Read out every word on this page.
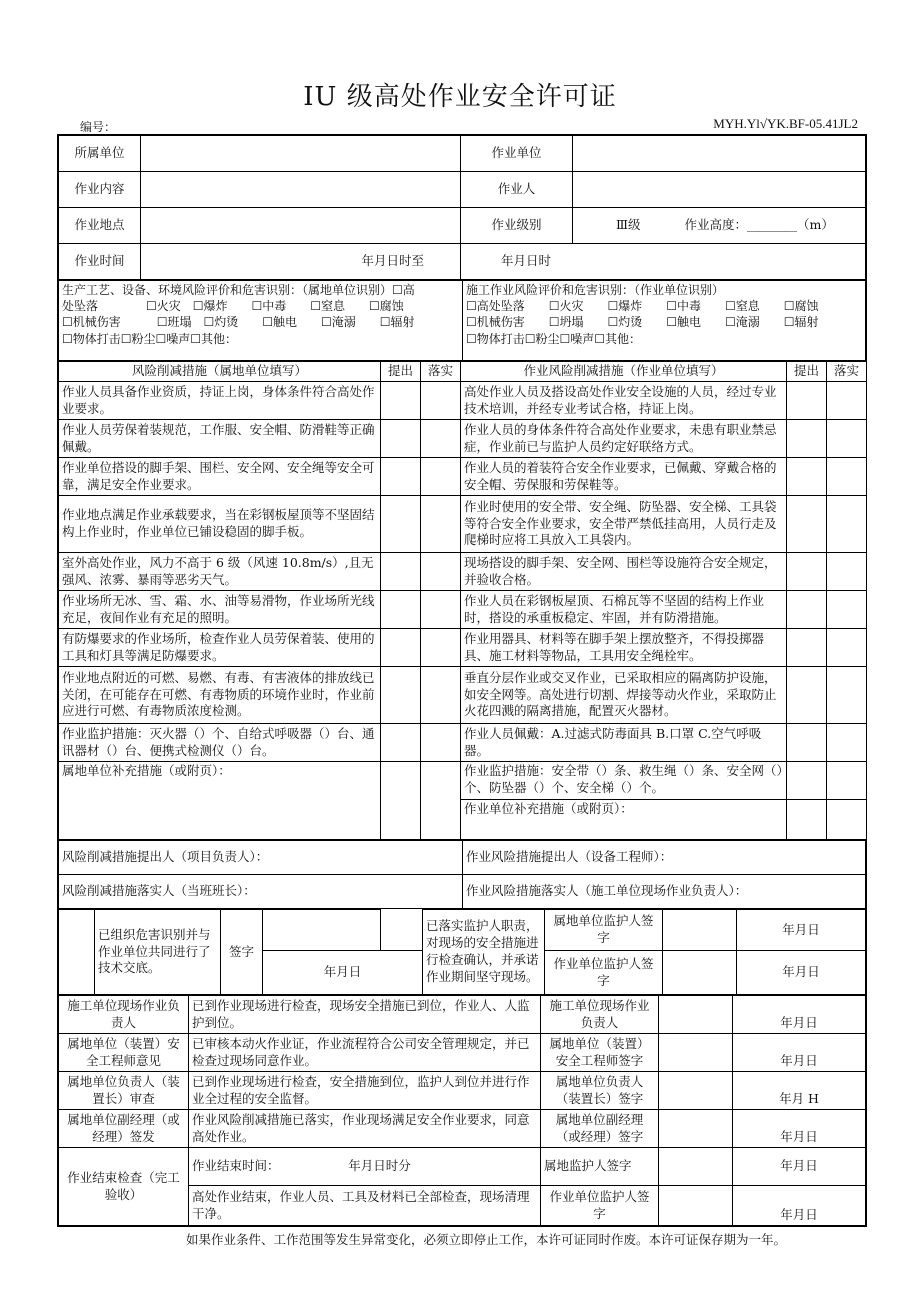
IU 级高处作业安全许可证
编号：	MYH.Yl√YK.BF-05.41JL2
所属单位		作业单位	
作业内容		作业人	
作业地点		作业级别	Ⅲ级 作业高度：________（m）
作业时间	年月日时至	年月日时	
生产工艺、设备、环境风险评价和危害识别：（属地单位识别）☐高
处坠落　　　　☐火灾　☐爆炸　　☐中毒　　☐窒息　　☐腐蚀
☐机械伤害　　　☐班塌　☐灼烫　　☐触电　　☐淹溺　　☐辐射
☐物体打击☐粉尘☐噪声☐其他：

施工作业风险评价和危害识别：（作业单位识别）
☐高处坠落　　☐火灾　　☐爆炸　　☐中毒　　☐窒息　　☐腐蚀
☐机械伤害　　☐坍塌　　☐灼烫　　☐触电　　☐淹溺　　☐辐射
☐物体打击☐粉尘☐噪声☐其他：
风险削减措施（属地单位填写）	提出	落实	作业风险削减措施（作业单位填写）	提出	落实
作业人员具备作业资质，持证上岗，身体条件符合高处作业要求。			高处作业人员及搭设高处作业安全设施的人员，经过专业技术培训，并经专业考试合格，持证上岗。		
作业人员劳保着装规范，工作服、安全帽、防滑鞋等正确佩戴。			作业人员的身体条件符合高处作业要求，未患有职业禁忌症，作业前已与监护人员约定好联络方式。		
作业单位搭设的脚手架、围栏、安全网、安全绳等安全可靠，满足安全作业要求。			作业人员的着装符合安全作业要求，已佩戴、穿戴合格的安全帽、劳保服和劳保鞋等。		
作业地点满足作业承载要求，当在彩钢板屋顶等不坚固结构上作业时，作业单位已铺设稳固的脚手板。			作业时使用的安全带、安全绳、防坠器、安全梯、工具袋等符合安全作业要求，安全带严禁低挂高用，人员行走及爬梯时应将工具放入工具袋内。		
室外高处作业，风力不高于 6 级（风速 10.8m/s）,且无强风、浓雾、暴雨等恶劣天气。			现场搭设的脚手架、安全网、围栏等设施符合安全规定，并验收合格。		
作业场所无冰、雪、霜、水、油等易滑物，作业场所光线充足，夜间作业有充足的照明。			作业人员在彩钢板屋顶、石棉瓦等不坚固的结构上作业时，搭设的承重板稳定、牢固，并有防滑措施。		
有防爆要求的作业场所，检查作业人员劳保着装、使用的工具和灯具等满足防爆要求。			作业用器具、材料等在脚手架上摆放整齐，不得投掷器具、施工材料等物品，工具用安全绳栓牢。		
作业地点附近的可燃、易燃、有毒、有害液体的排放线已关闭，在可能存在可燃、有毒物质的环境作业时，作业前应进行可燃、有毒物质浓度检测。			垂直分层作业或交叉作业，已采取相应的隔离防护设施，如安全网等。高处进行切割、焊接等动火作业，采取防止火花四溅的隔离措施，配置灭火器材。		
作业监护措施：灭火器（）个、自给式呼吸器（）台、通讯器材（）台、便携式检测仪（）台。			作业人员佩戴：A.过滤式防毒面具 B.口罩 C.空气呼吸器。		
属地单位补充措施（或附页）：			作业监护措施：安全带（）条、救生绳（）条、安全网（）个、防坠器（）个、安全梯（）个。		
			作业单位补充措施（或附页）：		
风险削减措施提出人（项目负责人）：	作业风险措施提出人（设备工程师）：
风险削减措施落实人（当班班长）：	作业风险措施落实人（施工单位现场作业负责人）：
	已组织危害识别并与作业单位共同进行了技术交底。	签字			已落实监护人职责，对现场的安全措施进行检查确认，并承诺作业期间坚守现场。	属地单位监护人签字		年月日
			年月日			作业单位监护人签字		年月日
施工单位现场作业负责人	已到作业现场进行检查，现场安全措施已到位，作业人、人监护到位。	施工单位现场作业负责人		年月日
属地单位（装置）安全工程师意见	已审核本动火作业证，作业流程符合公司安全管理规定，并已检查过现场同意作业。	属地单位（装置）安全工程师签字		年月日
属地单位负责人（装置长）审查	已到作业现场进行检查，安全措施到位，监护人到位并进行作业全过程的安全监督。	属地单位负责人（装置长）签字		年月 H
属地单位副经理（或经理）签发	作业风险削减措施已落实，作业现场满足安全作业要求，同意高处作业。	属地单位副经理（或经理）签字		年月日
作业结束检查（完工验收）	作业结束时间：　　　　　　年月日时分	属地监护人签字		年月日
	高处作业结束，作业人员、工具及材料已全部检查，现场清理干净。	作业单位监护人签字		年月日
如果作业条件、工作范围等发生异常变化，必须立即停止工作，本许可证同时作废。本许可证保存期为一年。
